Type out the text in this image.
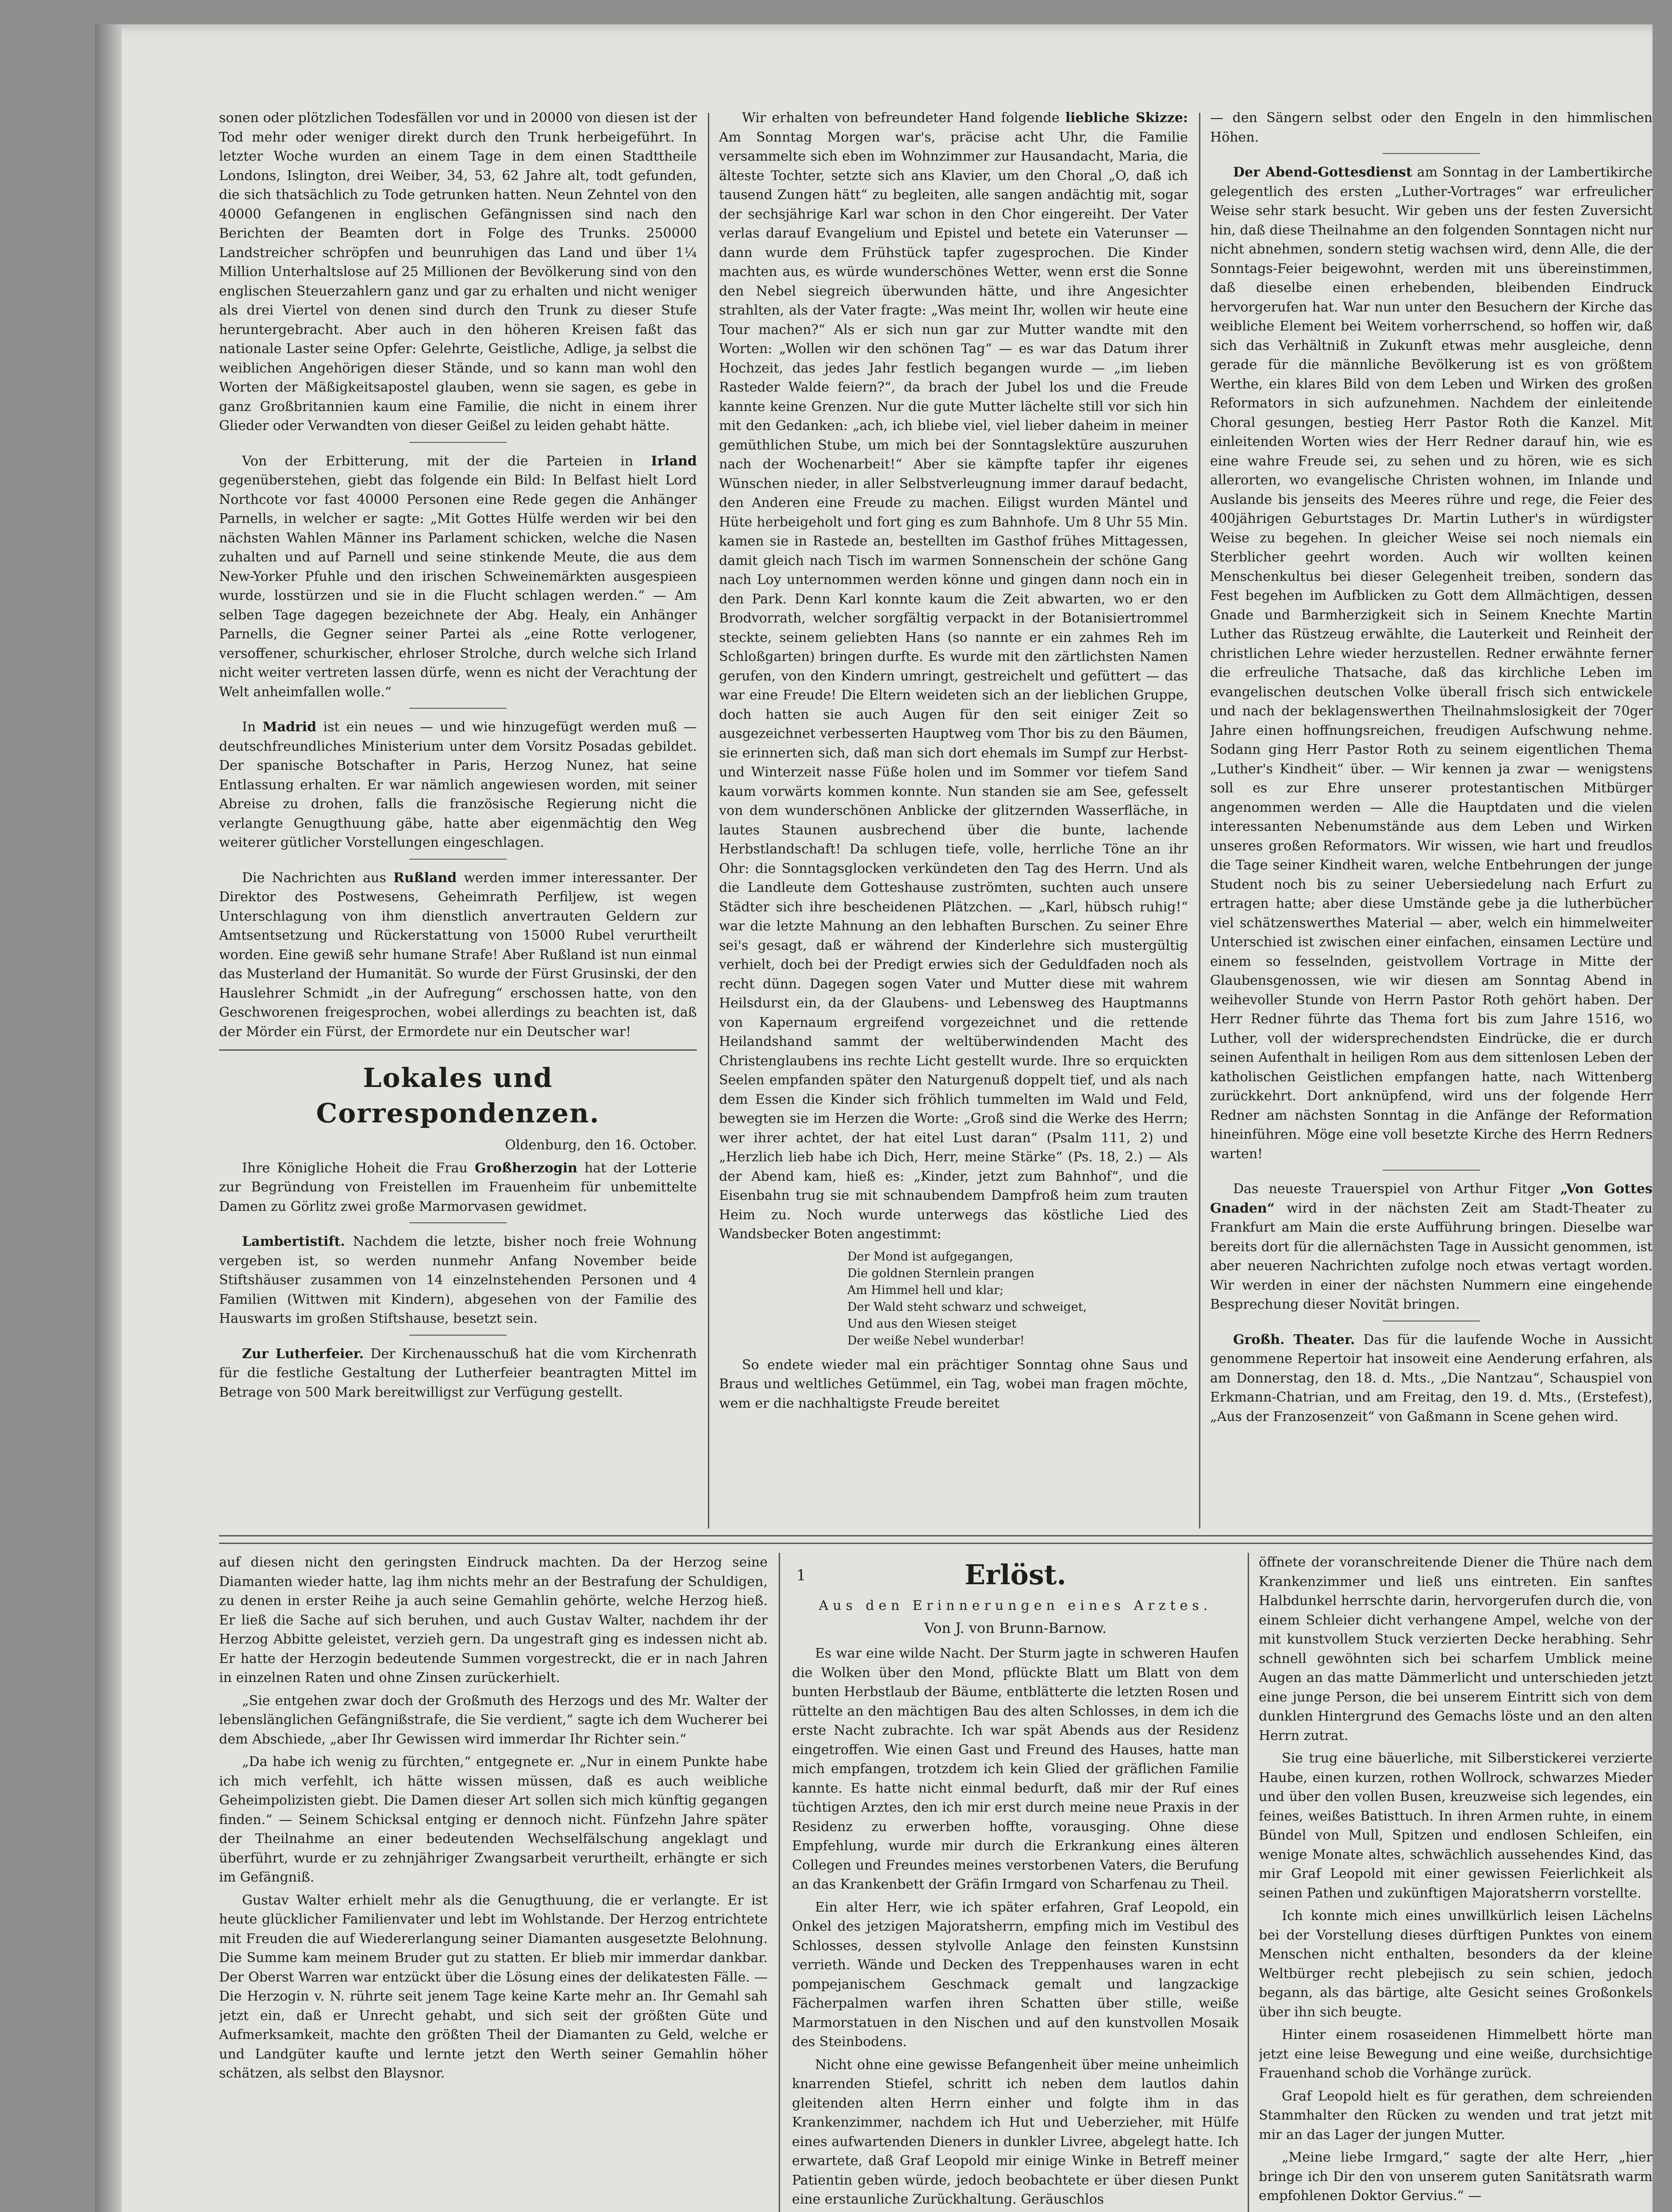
sonen oder plötzlichen Todesfällen vor und in 20000 von diesen ist der Tod mehr oder weniger direkt durch den Trunk herbeigeführt. In letzter Woche wurden an einem Tage in dem einen Stadttheile Londons, Islington, drei Weiber, 34, 53, 62 Jahre alt, todt gefunden, die sich thatsächlich zu Tode getrunken hatten. Neun Zehntel von den 40000 Gefangenen in englischen Gefängnissen sind nach den Berichten der Beamten dort in Folge des Trunks. 250000 Landstreicher schröpfen und beunruhigen das Land und über 1¼ Million Unterhaltslose auf 25 Millionen der Bevölkerung sind von den englischen Steuerzahlern ganz und gar zu erhalten und nicht weniger als drei Viertel von denen sind durch den Trunk zu dieser Stufe heruntergebracht. Aber auch in den höheren Kreisen faßt das nationale Laster seine Opfer: Gelehrte, Geistliche, Adlige, ja selbst die weiblichen Angehörigen dieser Stände, und so kann man wohl den Worten der Mäßigkeitsapostel glauben, wenn sie sagen, es gebe in ganz Großbritannien kaum eine Familie, die nicht in einem ihrer Glieder oder Verwandten von dieser Geißel zu leiden gehabt hätte.

Von der Erbitterung, mit der die Parteien in Irland gegenüberstehen, giebt das folgende ein Bild: In Belfast hielt Lord Northcote vor fast 40000 Personen eine Rede gegen die Anhänger Parnells, in welcher er sagte: „Mit Gottes Hülfe werden wir bei den nächsten Wahlen Männer ins Parlament schicken, welche die Nasen zuhalten und auf Parnell und seine stinkende Meute, die aus dem New-Yorker Pfuhle und den irischen Schweinemärkten ausgespieen wurde, losstürzen und sie in die Flucht schlagen werden.“ — Am selben Tage dagegen bezeichnete der Abg. Healy, ein Anhänger Parnells, die Gegner seiner Partei als „eine Rotte verlogener, versoffener, schurkischer, ehrloser Strolche, durch welche sich Irland nicht weiter vertreten lassen dürfe, wenn es nicht der Verachtung der Welt anheimfallen wolle.“

In Madrid ist ein neues — und wie hinzugefügt werden muß — deutschfreundliches Ministerium unter dem Vorsitz Posadas gebildet. Der spanische Botschafter in Paris, Herzog Nunez, hat seine Entlassung erhalten. Er war nämlich angewiesen worden, mit seiner Abreise zu drohen, falls die französische Regierung nicht die verlangte Genugthuung gäbe, hatte aber eigenmächtig den Weg weiterer gütlicher Vorstellungen eingeschlagen.

Die Nachrichten aus Rußland werden immer interessanter. Der Direktor des Postwesens, Geheimrath Perfiljew, ist wegen Unterschlagung von ihm dienstlich anvertrauten Geldern zur Amtsentsetzung und Rückerstattung von 15000 Rubel verurtheilt worden. Eine gewiß sehr humane Strafe! Aber Rußland ist nun einmal das Musterland der Humanität. So wurde der Fürst Grusinski, der den Hauslehrer Schmidt „in der Aufregung“ erschossen hatte, von den Geschworenen freigesprochen, wobei allerdings zu beachten ist, daß der Mörder ein Fürst, der Ermordete nur ein Deutscher war!

Lokales und Correspondenzen.

Oldenburg, den 16. October.

Ihre Königliche Hoheit die Frau Großherzogin hat der Lotterie zur Begründung von Freistellen im Frauenheim für unbemittelte Damen zu Görlitz zwei große Marmorvasen gewidmet.

Lambertistift. Nachdem die letzte, bisher noch freie Wohnung vergeben ist, so werden nunmehr Anfang November beide Stiftshäuser zusammen von 14 einzelnstehenden Personen und 4 Familien (Wittwen mit Kindern), abgesehen von der Familie des Hauswarts im großen Stiftshause, besetzt sein.

Zur Lutherfeier. Der Kirchenausschuß hat die vom Kirchenrath für die festliche Gestaltung der Lutherfeier beantragten Mittel im Betrage von 500 Mark bereitwilligst zur Verfügung gestellt.

Wir erhalten von befreundeter Hand folgende liebliche Skizze: Am Sonntag Morgen war's, präcise acht Uhr, die Familie versammelte sich eben im Wohnzimmer zur Hausandacht, Maria, die älteste Tochter, setzte sich ans Klavier, um den Choral „O, daß ich tausend Zungen hätt“ zu begleiten, alle sangen andächtig mit, sogar der sechsjährige Karl war schon in den Chor eingereiht. Der Vater verlas darauf Evangelium und Epistel und betete ein Vaterunser — dann wurde dem Frühstück tapfer zugesprochen. Die Kinder machten aus, es würde wunderschönes Wetter, wenn erst die Sonne den Nebel siegreich überwunden hätte, und ihre Angesichter strahlten, als der Vater fragte: „Was meint Ihr, wollen wir heute eine Tour machen?“ Als er sich nun gar zur Mutter wandte mit den Worten: „Wollen wir den schönen Tag“ — es war das Datum ihrer Hochzeit, das jedes Jahr festlich begangen wurde — „im lieben Rasteder Walde feiern?“, da brach der Jubel los und die Freude kannte keine Grenzen. Nur die gute Mutter lächelte still vor sich hin mit den Gedanken: „ach, ich bliebe viel, viel lieber daheim in meiner gemüthlichen Stube, um mich bei der Sonntagslektüre auszuruhen nach der Wochenarbeit!“ Aber sie kämpfte tapfer ihr eigenes Wünschen nieder, in aller Selbstverleugnung immer darauf bedacht, den Anderen eine Freude zu machen. Eiligst wurden Mäntel und Hüte herbeigeholt und fort ging es zum Bahnhofe. Um 8 Uhr 55 Min. kamen sie in Rastede an, bestellten im Gasthof frühes Mittagessen, damit gleich nach Tisch im warmen Sonnenschein der schöne Gang nach Loy unternommen werden könne und gingen dann noch ein in den Park. Denn Karl konnte kaum die Zeit abwarten, wo er den Brodvorrath, welcher sorgfältig verpackt in der Botanisiertrommel steckte, seinem geliebten Hans (so nannte er ein zahmes Reh im Schloßgarten) bringen durfte. Es wurde mit den zärtlichsten Namen gerufen, von den Kindern umringt, gestreichelt und gefüttert — das war eine Freude! Die Eltern weideten sich an der lieblichen Gruppe, doch hatten sie auch Augen für den seit einiger Zeit so ausgezeichnet verbesserten Hauptweg vom Thor bis zu den Bäumen, sie erinnerten sich, daß man sich dort ehemals im Sumpf zur Herbst- und Winterzeit nasse Füße holen und im Sommer vor tiefem Sand kaum vorwärts kommen konnte. Nun standen sie am See, gefesselt von dem wunderschönen Anblicke der glitzernden Wasserfläche, in lautes Staunen ausbrechend über die bunte, lachende Herbstlandschaft! Da schlugen tiefe, volle, herrliche Töne an ihr Ohr: die Sonntagsglocken verkündeten den Tag des Herrn. Und als die Landleute dem Gotteshause zuströmten, suchten auch unsere Städter sich ihre bescheidenen Plätzchen. — „Karl, hübsch ruhig!“ war die letzte Mahnung an den lebhaften Burschen. Zu seiner Ehre sei's gesagt, daß er während der Kinderlehre sich mustergültig verhielt, doch bei der Predigt erwies sich der Geduldfaden noch als recht dünn. Dagegen sogen Vater und Mutter diese mit wahrem Heilsdurst ein, da der Glaubens- und Lebensweg des Hauptmanns von Kapernaum ergreifend vorgezeichnet und die rettende Heilandshand sammt der weltüberwindenden Macht des Christenglaubens ins rechte Licht gestellt wurde. Ihre so erquickten Seelen empfanden später den Naturgenuß doppelt tief, und als nach dem Essen die Kinder sich fröhlich tummelten im Wald und Feld, bewegten sie im Herzen die Worte: „Groß sind die Werke des Herrn; wer ihrer achtet, der hat eitel Lust daran“ (Psalm 111, 2) und „Herzlich lieb habe ich Dich, Herr, meine Stärke“ (Ps. 18, 2.) — Als der Abend kam, hieß es: „Kinder, jetzt zum Bahnhof“, und die Eisenbahn trug sie mit schnaubendem Dampfroß heim zum trauten Heim zu. Noch wurde unterwegs das köstliche Lied des Wandsbecker Boten angestimmt:

Der Mond ist aufgegangen,
Die goldnen Sternlein prangen
Am Himmel hell und klar;
Der Wald steht schwarz und schweiget,
Und aus den Wiesen steiget
Der weiße Nebel wunderbar!

So endete wieder mal ein prächtiger Sonntag ohne Saus und Braus und weltliches Getümmel, ein Tag, wobei man fragen möchte, wem er die nachhaltigste Freude bereitet

— den Sängern selbst oder den Engeln in den himmlischen Höhen.

Der Abend-Gottesdienst am Sonntag in der Lambertikirche gelegentlich des ersten „Luther-Vortrages“ war erfreulicher Weise sehr stark besucht. Wir geben uns der festen Zuversicht hin, daß diese Theilnahme an den folgenden Sonntagen nicht nur nicht abnehmen, sondern stetig wachsen wird, denn Alle, die der Sonntags-Feier beigewohnt, werden mit uns übereinstimmen, daß dieselbe einen erhebenden, bleibenden Eindruck hervorgerufen hat. War nun unter den Besuchern der Kirche das weibliche Element bei Weitem vorherrschend, so hoffen wir, daß sich das Verhältniß in Zukunft etwas mehr ausgleiche, denn gerade für die männliche Bevölkerung ist es von größtem Werthe, ein klares Bild von dem Leben und Wirken des großen Reformators in sich aufzunehmen. Nachdem der einleitende Choral gesungen, bestieg Herr Pastor Roth die Kanzel. Mit einleitenden Worten wies der Herr Redner darauf hin, wie es eine wahre Freude sei, zu sehen und zu hören, wie es sich allerorten, wo evangelische Christen wohnen, im Inlande und Auslande bis jenseits des Meeres rühre und rege, die Feier des 400jährigen Geburtstages Dr. Martin Luther's in würdigster Weise zu begehen. In gleicher Weise sei noch niemals ein Sterblicher geehrt worden. Auch wir wollten keinen Menschenkultus bei dieser Gelegenheit treiben, sondern das Fest begehen im Aufblicken zu Gott dem Allmächtigen, dessen Gnade und Barmherzigkeit sich in Seinem Knechte Martin Luther das Rüstzeug erwählte, die Lauterkeit und Reinheit der christlichen Lehre wieder herzustellen. Redner erwähnte ferner die erfreuliche Thatsache, daß das kirchliche Leben im evangelischen deutschen Volke überall frisch sich entwickele und nach der beklagenswerthen Theilnahmslosigkeit der 70ger Jahre einen hoffnungsreichen, freudigen Aufschwung nehme. Sodann ging Herr Pastor Roth zu seinem eigentlichen Thema „Luther's Kindheit“ über. — Wir kennen ja zwar — wenigstens soll es zur Ehre unserer protestantischen Mitbürger angenommen werden — Alle die Hauptdaten und die vielen interessanten Nebenumstände aus dem Leben und Wirken unseres großen Reformators. Wir wissen, wie hart und freudlos die Tage seiner Kindheit waren, welche Entbehrungen der junge Student noch bis zu seiner Uebersiedelung nach Erfurt zu ertragen hatte; aber diese Umstände gebe ja die lutherbücher viel schätzenswerthes Material — aber, welch ein himmelweiter Unterschied ist zwischen einer einfachen, einsamen Lectüre und einem so fesselnden, geistvollem Vortrage in Mitte der Glaubensgenossen, wie wir diesen am Sonntag Abend in weihevoller Stunde von Herrn Pastor Roth gehört haben. Der Herr Redner führte das Thema fort bis zum Jahre 1516, wo Luther, voll der widersprechendsten Eindrücke, die er durch seinen Aufenthalt in heiligen Rom aus dem sittenlosen Leben der katholischen Geistlichen empfangen hatte, nach Wittenberg zurückkehrt. Dort anknüpfend, wird uns der folgende Herr Redner am nächsten Sonntag in die Anfänge der Reformation hineinführen. Möge eine voll besetzte Kirche des Herrn Redners warten!

Das neueste Trauerspiel von Arthur Fitger „Von Gottes Gnaden“ wird in der nächsten Zeit am Stadt-Theater zu Frankfurt am Main die erste Aufführung bringen. Dieselbe war bereits dort für die allernächsten Tage in Aussicht genommen, ist aber neueren Nachrichten zufolge noch etwas vertagt worden. Wir werden in einer der nächsten Nummern eine eingehende Besprechung dieser Novität bringen.

Großh. Theater. Das für die laufende Woche in Aussicht genommene Repertoir hat insoweit eine Aenderung erfahren, als am Donnerstag, den 18. d. Mts., „Die Nantzau“, Schauspiel von Erkmann-Chatrian, und am Freitag, den 19. d. Mts., (Erstefest), „Aus der Franzosenzeit“ von Gaßmann in Scene gehen wird.

auf diesen nicht den geringsten Eindruck machten. Da der Herzog seine Diamanten wieder hatte, lag ihm nichts mehr an der Bestrafung der Schuldigen, zu denen in erster Reihe ja auch seine Gemahlin gehörte, welche Herzog hieß. Er ließ die Sache auf sich beruhen, und auch Gustav Walter, nachdem ihr der Herzog Abbitte geleistet, verzieh gern. Da ungestraft ging es indessen nicht ab. Er hatte der Herzogin bedeutende Summen vorgestreckt, die er in nach Jahren in einzelnen Raten und ohne Zinsen zurückerhielt.

„Sie entgehen zwar doch der Großmuth des Herzogs und des Mr. Walter der lebenslänglichen Gefängnißstrafe, die Sie verdient,“ sagte ich dem Wucherer bei dem Abschiede, „aber Ihr Gewissen wird immerdar Ihr Richter sein.“

„Da habe ich wenig zu fürchten,“ entgegnete er. „Nur in einem Punkte habe ich mich verfehlt, ich hätte wissen müssen, daß es auch weibliche Geheimpolizisten giebt. Die Damen dieser Art sollen sich mich künftig gegangen finden.“ — Seinem Schicksal entging er dennoch nicht. Fünfzehn Jahre später der Theilnahme an einer bedeutenden Wechselfälschung angeklagt und überführt, wurde er zu zehnjähriger Zwangsarbeit verurtheilt, erhängte er sich im Gefängniß.

Gustav Walter erhielt mehr als die Genugthuung, die er verlangte. Er ist heute glücklicher Familienvater und lebt im Wohlstande. Der Herzog entrichtete mit Freuden die auf Wiedererlangung seiner Diamanten ausgesetzte Belohnung. Die Summe kam meinem Bruder gut zu statten. Er blieb mir immerdar dankbar. Der Oberst Warren war entzückt über die Lösung eines der delikatesten Fälle. — Die Herzogin v. N. rührte seit jenem Tage keine Karte mehr an. Ihr Gemahl sah jetzt ein, daß er Unrecht gehabt, und sich seit der größten Güte und Aufmerksamkeit, machte den größten Theil der Diamanten zu Geld, welche er und Landgüter kaufte und lernte jetzt den Werth seiner Gemahlin höher schätzen, als selbst den Blaysnor.

1	Erlöst.
Aus den Erinnerungen eines Arztes.
Von J. von Brunn-Barnow.

Es war eine wilde Nacht. Der Sturm jagte in schweren Haufen die Wolken über den Mond, pflückte Blatt um Blatt von dem bunten Herbstlaub der Bäume, entblätterte die letzten Rosen und rüttelte an den mächtigen Bau des alten Schlosses, in dem ich die erste Nacht zubrachte. Ich war spät Abends aus der Residenz eingetroffen. Wie einen Gast und Freund des Hauses, hatte man mich empfangen, trotzdem ich kein Glied der gräflichen Familie kannte. Es hatte nicht einmal bedurft, daß mir der Ruf eines tüchtigen Arztes, den ich mir erst durch meine neue Praxis in der Residenz zu erwerben hoffte, vorausging. Ohne diese Empfehlung, wurde mir durch die Erkrankung eines älteren Collegen und Freundes meines verstorbenen Vaters, die Berufung an das Krankenbett der Gräfin Irmgard von Scharfenau zu Theil.

Ein alter Herr, wie ich später erfahren, Graf Leopold, ein Onkel des jetzigen Majoratsherrn, empfing mich im Vestibul des Schlosses, dessen stylvolle Anlage den feinsten Kunstsinn verrieth. Wände und Decken des Treppenhauses waren in echt pompejanischem Geschmack gemalt und langzackige Fächerpalmen warfen ihren Schatten über stille, weiße Marmorstatuen in den Nischen und auf den kunstvollen Mosaik des Steinbodens.

Nicht ohne eine gewisse Befangenheit über meine unheimlich knarrenden Stiefel, schritt ich neben dem lautlos dahin gleitenden alten Herrn einher und folgte ihm in das Krankenzimmer, nachdem ich Hut und Ueberzieher, mit Hülfe eines aufwartenden Dieners in dunkler Livree, abgelegt hatte. Ich erwartete, daß Graf Leopold mir einige Winke in Betreff meiner Patientin geben würde, jedoch beobachtete er über diesen Punkt eine erstaunliche Zurückhaltung. Geräuschlos

öffnete der voranschreitende Diener die Thüre nach dem Krankenzimmer und ließ uns eintreten. Ein sanftes Halbdunkel herrschte darin, hervorgerufen durch die, von einem Schleier dicht verhangene Ampel, welche von der mit kunstvollem Stuck verzierten Decke herabhing. Sehr schnell gewöhnten sich bei scharfem Umblick meine Augen an das matte Dämmerlicht und unterschieden jetzt eine junge Person, die bei unserem Eintritt sich von dem dunklen Hintergrund des Gemachs löste und an den alten Herrn zutrat.

Sie trug eine bäuerliche, mit Silberstickerei verzierte Haube, einen kurzen, rothen Wollrock, schwarzes Mieder und über den vollen Busen, kreuzweise sich legendes, ein feines, weißes Batisttuch. In ihren Armen ruhte, in einem Bündel von Mull, Spitzen und endlosen Schleifen, ein wenige Monate altes, schwächlich aussehendes Kind, das mir Graf Leopold mit einer gewissen Feierlichkeit als seinen Pathen und zukünftigen Majoratsherrn vorstellte.

Ich konnte mich eines unwillkürlich leisen Lächelns bei der Vorstellung dieses dürftigen Punktes von einem Menschen nicht enthalten, besonders da der kleine Weltbürger recht plebejisch zu sein schien, jedoch begann, als das bärtige, alte Gesicht seines Großonkels über ihn sich beugte.

Hinter einem rosaseidenen Himmelbett hörte man jetzt eine leise Bewegung und eine weiße, durchsichtige Frauenhand schob die Vorhänge zurück.

Graf Leopold hielt es für gerathen, dem schreienden Stammhalter den Rücken zu wenden und trat jetzt mit mir an das Lager der jungen Mutter.

„Meine liebe Irmgard,“ sagte der alte Herr, „hier bringe ich Dir den von unserem guten Sanitätsrath warm empfohlenen Doktor Gervius.“ —
